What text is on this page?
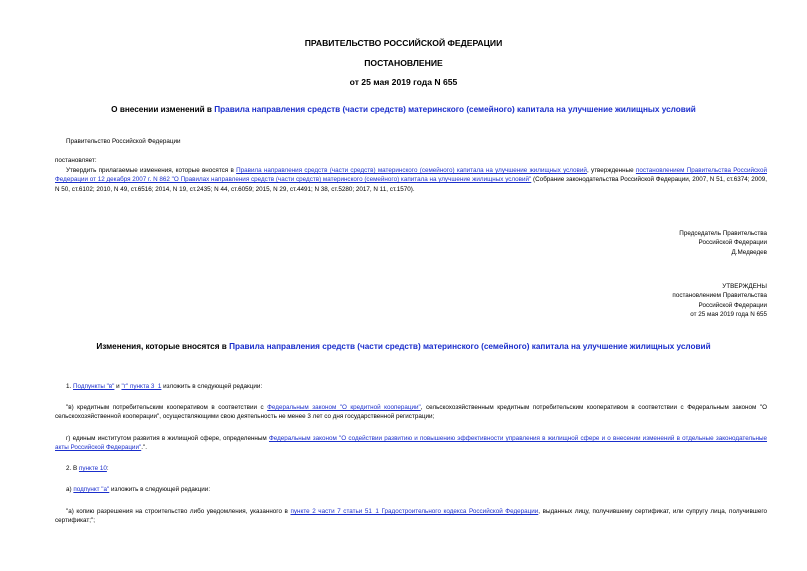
ПРАВИТЕЛЬСТВО РОССИЙСКОЙ ФЕДЕРАЦИИ
ПОСТАНОВЛЕНИЕ
от 25 мая 2019 года N 655
О внесении изменений в Правила направления средств (части средств) материнского (семейного) капитала на улучшение жилищных условий
Правительство Российской Федерации
постановляет:
Утвердить прилагаемые изменения, которые вносятся в Правила направления средств (части средств) материнского (семейного) капитала на улучшение жилищных условий, утвержденные постановлением Правительства Российской Федерации от 12 декабря 2007 г. N 862 "О Правилах направления средств (части средств) материнского (семейного) капитала на улучшение жилищных условий" (Собрание законодательства Российской Федерации, 2007, N 51, ст.6374; 2009, N 50, ст.6102; 2010, N 49, ст.6516; 2014, N 19, ст.2435; N 44, ст.6059; 2015, N 29, ст.4491; N 38, ст.5280; 2017, N 11, ст.1570).
Председатель Правительства
Российской Федерации
Д.Медведев
УТВЕРЖДЕНЫ
постановлением Правительства
Российской Федерации
от 25 мая 2019 года N 655
Изменения, которые вносятся в Правила направления средств (части средств) материнского (семейного) капитала на улучшение жилищных условий
1. Подпункты "в" и "г" пункта 3_1 изложить в следующей редакции:
"в) кредитным потребительским кооперативом в соответствии с Федеральным законом "О кредитной кооперации", сельскохозяйственным кредитным потребительским кооперативом в соответствии с Федеральным законом "О сельскохозяйственной кооперации", осуществляющими свою деятельность не менее 3 лет со дня государственной регистрации;
г) единым институтом развития в жилищной сфере, определенным Федеральным законом "О содействии развитию и повышению эффективности управления в жилищной сфере и о внесении изменений в отдельные законодательные акты Российской Федерации".".
2. В пункте 10:
а) подпункт "а" изложить в следующей редакции:
"а) копию разрешения на строительство либо уведомления, указанного в пункте 2 части 7 статьи 51_1 Градостроительного кодекса Российской Федерации, выданных лицу, получившему сертификат, или супругу лица, получившего сертификат;";
